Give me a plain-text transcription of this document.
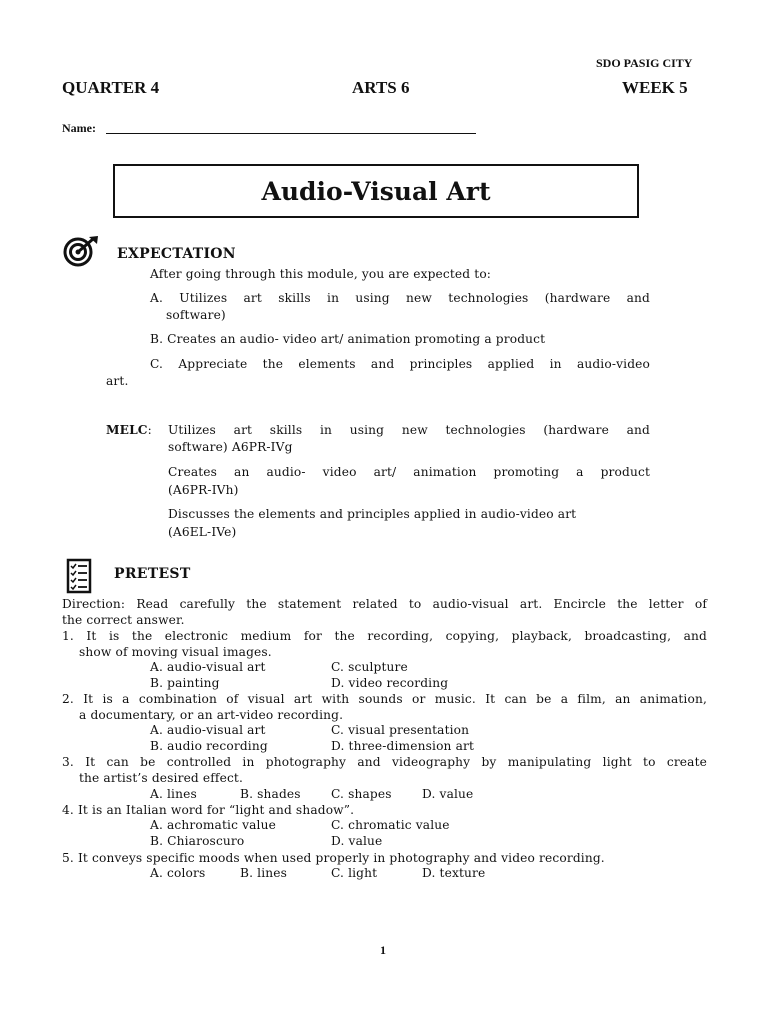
SDO PASIG CITY
QUARTER 4	ARTS 6	WEEK 5
Name:
Audio-Visual Art
EXPECTATION
After going through this module, you are expected to:
A. Utilizes art skills in using new technologies (hardware and
software)
B. Creates an audio- video art/ animation promoting a product
C. Appreciate the elements and principles applied in audio-video
art.
MELC: Utilizes art skills in using new technologies (hardware and
software) A6PR-IVg
Creates an audio- video art/ animation promoting a product
(A6PR-IVh)
Discusses the elements and principles applied in audio-video art
(A6EL-IVe)
PRETEST
Direction: Read carefully the statement related to audio-visual art. Encircle the letter of
the correct answer.
1. It is the electronic medium for the recording, copying, playback, broadcasting, and
show of moving visual images.
A. audio-visual art	C. sculpture
B. painting	D. video recording
2. It is a combination of visual art with sounds or music. It can be a film, an animation,
a documentary, or an art-video recording.
A. audio-visual art	C. visual presentation
B. audio recording	D. three-dimension art
3. It can be controlled in photography and videography by manipulating light to create
the artist’s desired effect.
A. lines	B. shades C. shapes D. value
4. It is an Italian word for “light and shadow”.
A. achromatic value	C. chromatic value
B. Chiaroscuro	D. value
5. It conveys specific moods when used properly in photography and video recording.
A. colors	B. lines	C. light	D. texture
1
